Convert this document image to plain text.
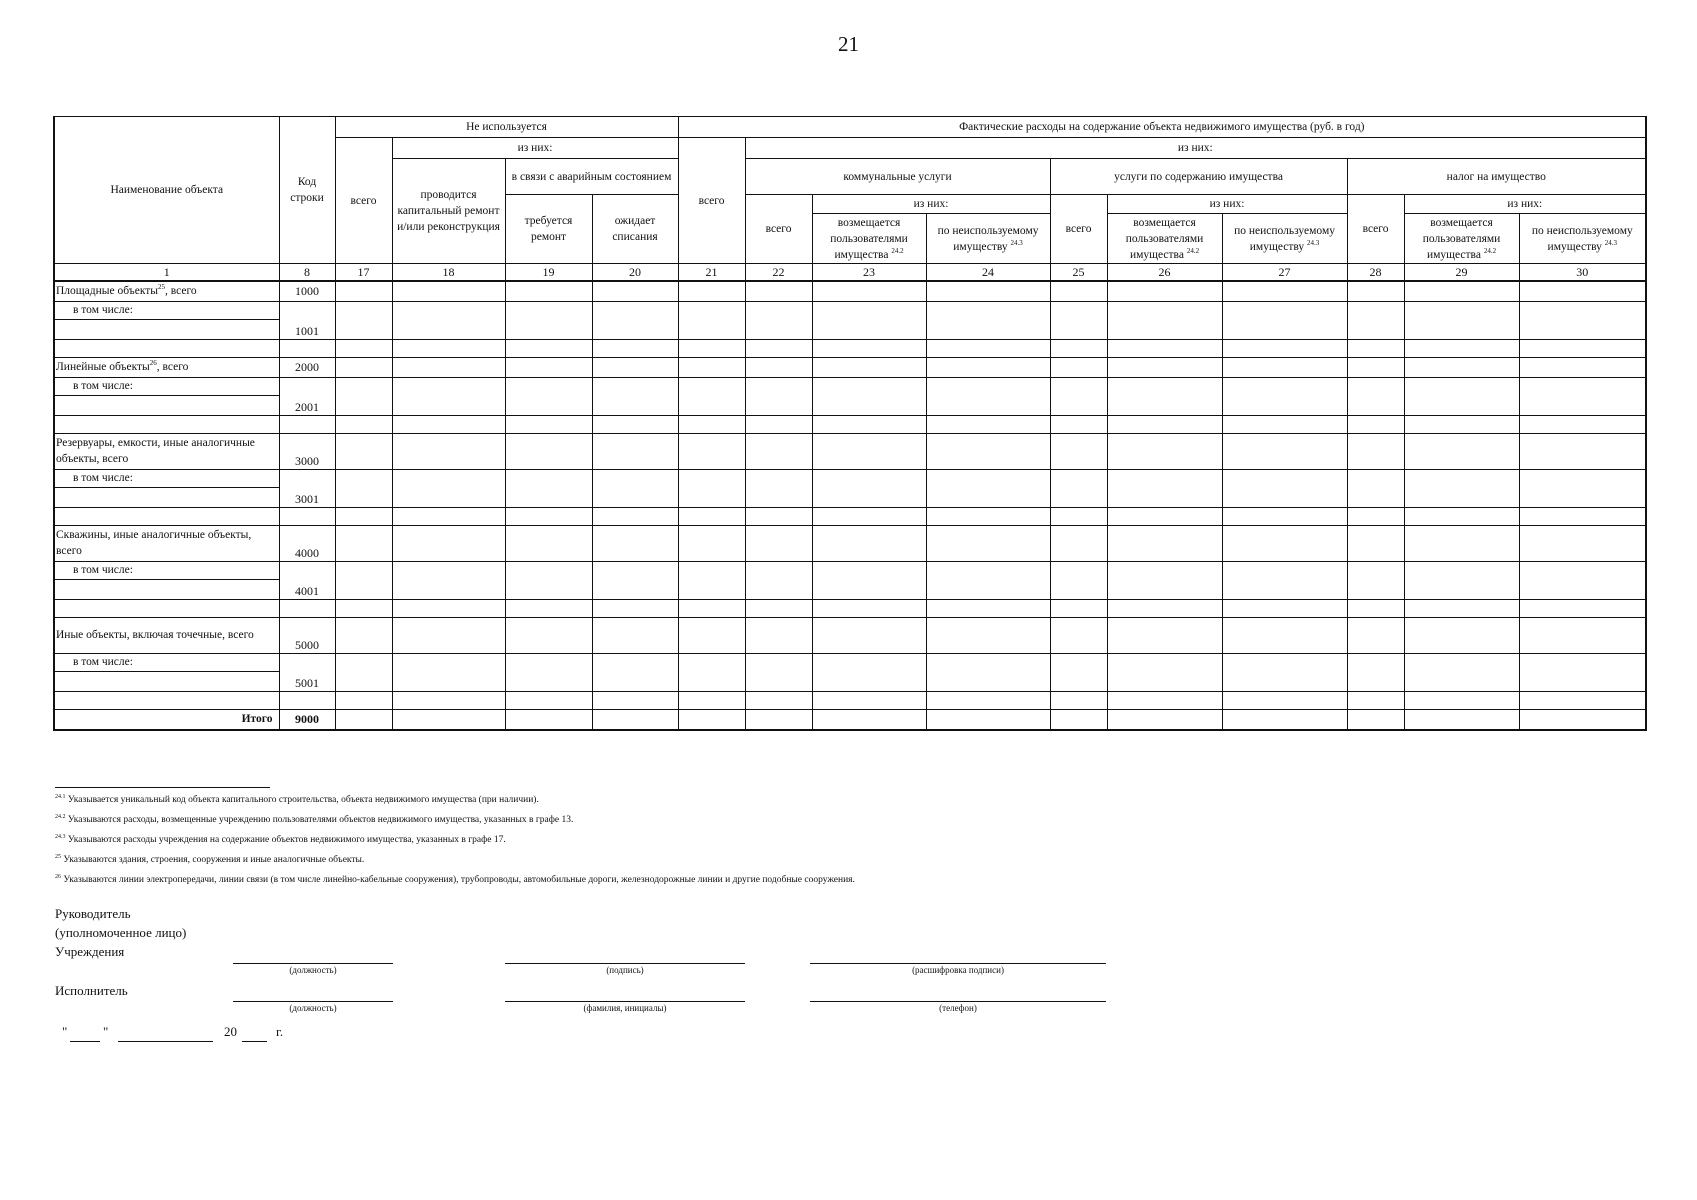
21
Наименование объекта	Код строки	Не используется				Фактические расходы на содержание объекта недвижимого имущества (руб. в год)									
		всего	из них:			всего	из них:								
			проводится капитальный ремонт и/или реконструкция	в связи с аварийным состоянием			коммунальные услуги			услуги по содержанию имущества			налог на имущество		
				требуется ремонт	ожидает списания		всего	из них:		всего	из них:		всего	из них:	
								возмещается пользователями имущества $^{24.2}$	по неиспользуемому имуществу $^{24.3}$		возмещается пользователями имущества $^{24.2}$	по неиспользуемому имуществу $^{24.3}$		возмещается пользователями имущества $^{24.2}$	по неиспользуемому имуществу $^{24.3}$

1	8	17	18	19	20	21	22	23	24	25	26	27	28	29	30
Площадные объекты$^{25}$, всего	1000														
в том числе:	1001														

Линейные объекты$^{26}$, всего	2000														
в том числе:	2001														

Резервуары, емкости, иные аналогичные объекты, всего	3000														
в том числе:	3001														

Скважины, иные аналогичные объекты, всего	4000														
в том числе:	4001														

Иные объекты, включая точечные, всего	5000														
в том числе:	5001														

Итого	9000														
$^{24.1}$ Указывается уникальный код объекта капитального строительства, объекта недвижимого имущества (при наличии).
$^{24.2}$ Указываются расходы, возмещенные учреждению пользователями объектов недвижимого имущества, указанных в графе 13.
$^{24.3}$ Указываются расходы учреждения на содержание объектов недвижимого имущества, указанных в графе 17.
$^{25}$ Указываются здания, строения, сооружения и иные аналогичные объекты.
$^{26}$ Указываются линии электропередачи, линии связи (в том числе линейно-кабельные сооружения), трубопроводы, автомобильные дороги, железнодорожные линии и другие подобные сооружения.
Руководитель
(уполномоченное лицо)
Учреждения
(должность)	(подпись)	(расшифровка подписи)
Исполнитель
(должность)	(фамилия, инициалы)	(телефон)
"	"	20	г.
